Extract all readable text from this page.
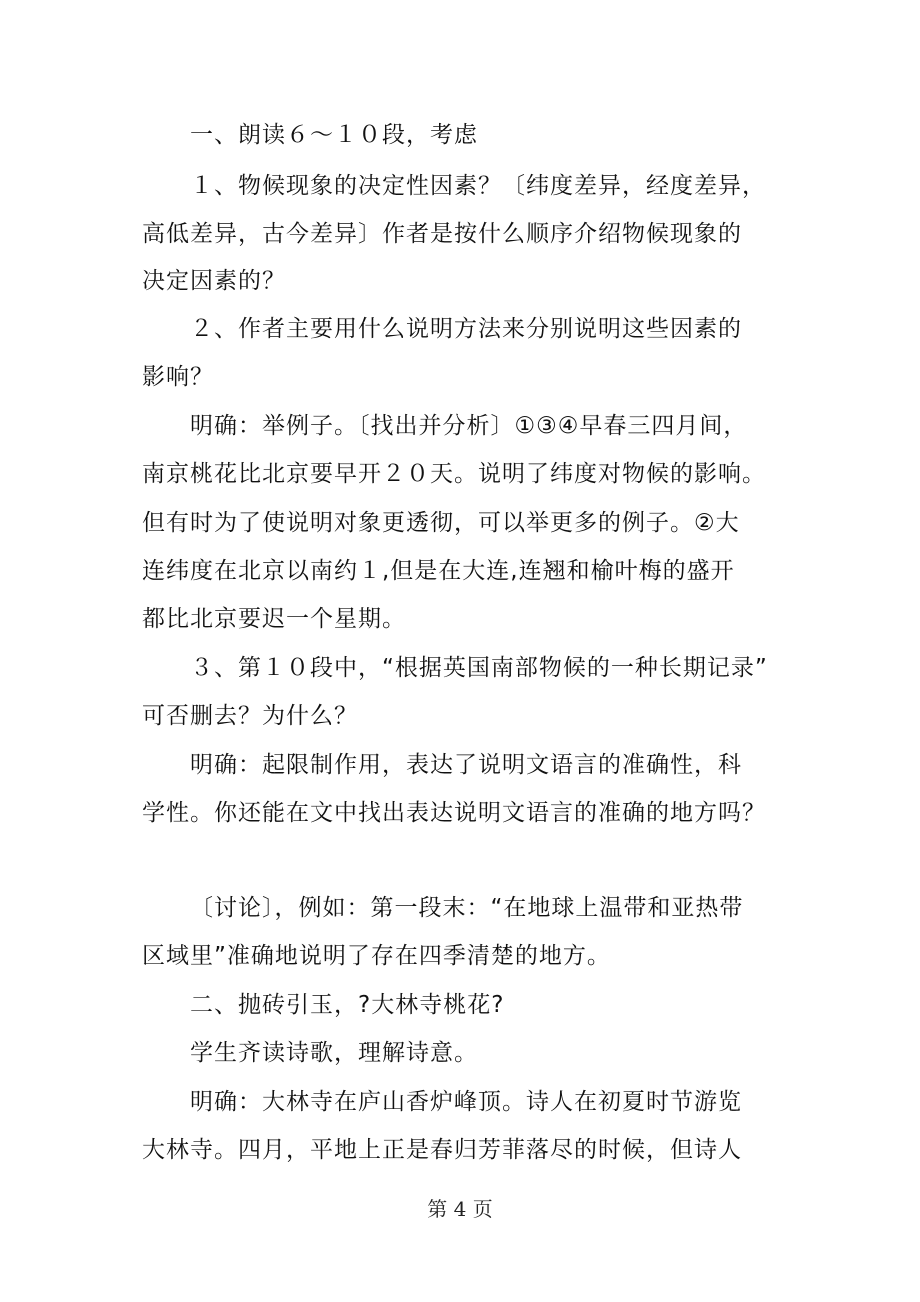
一、朗读６～１０段，考虑
１、物候现象的决定性因素？〔纬度差异，经度差异，
高低差异，古今差异〕作者是按什么顺序介绍物候现象的
决定因素的？
２、作者主要用什么说明方法来分别说明这些因素的
影响？
明确：举例子。〔找出并分析〕①③④早春三四月间，
南京桃花比北京要早开２０天。说明了纬度对物候的影响。
但有时为了使说明对象更透彻，可以举更多的例子。②大
连纬度在北京以南约１,但是在大连,连翘和榆叶梅的盛开
都比北京要迟一个星期。
３、第１０段中，“根据英国南部物候的一种长期记录”
可否删去？为什么？
明确：起限制作用，表达了说明文语言的准确性，科
学性。你还能在文中找出表达说明文语言的准确的地方吗？
〔讨论〕，例如：第一段末：“在地球上温带和亚热带
区域里”准确地说明了存在四季清楚的地方。
二、抛砖引玉，?大林寺桃花?
学生齐读诗歌，理解诗意。
明确：大林寺在庐山香炉峰顶。诗人在初夏时节游览
大林寺。四月，平地上正是春归芳菲落尽的时候，但诗人
第 4 页
